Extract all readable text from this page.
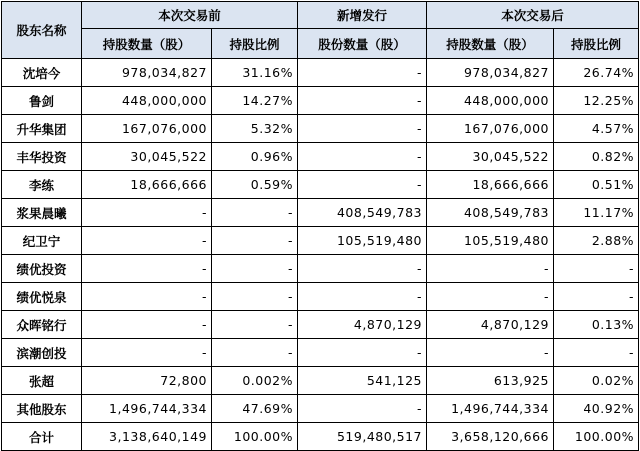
股东名称	本次交易前		新增发行	本次交易后	
	持股数量（股）	持股比例	股份数量（股）	持股数量（股）	持股比例
沈培今	978,034,827	31.16%	-	978,034,827	26.74%
鲁剑	448,000,000	14.27%	-	448,000,000	12.25%
升华集团	167,076,000	5.32%	-	167,076,000	4.57%
丰华投资	30,045,522	0.96%	-	30,045,522	0.82%
李练	18,666,666	0.59%	-	18,666,666	0.51%
浆果晨曦	-	-	408,549,783	408,549,783	11.17%
纪卫宁	-	-	105,519,480	105,519,480	2.88%
绩优投资	-	-	-	-	-
绩优悦泉	-	-	-	-	-
众晖铭行	-	-	4,870,129	4,870,129	0.13%
滨潮创投	-	-	-	-	-
张超	72,800	0.002%	541,125	613,925	0.02%
其他股东	1,496,744,334	47.69%	-	1,496,744,334	40.92%
合计	3,138,640,149	100.00%	519,480,517	3,658,120,666	100.00%
